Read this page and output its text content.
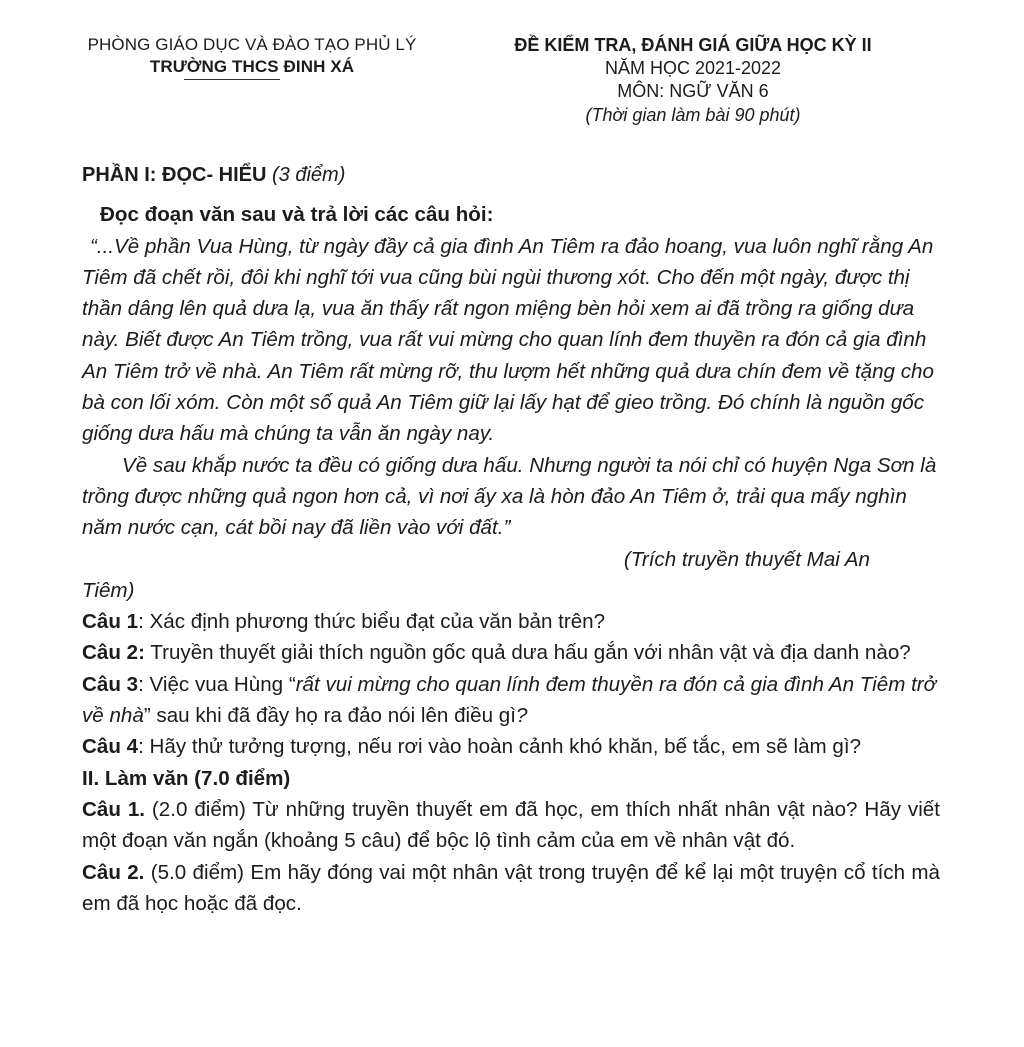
PHÒNG GIÁO DỤC VÀ ĐÀO TẠO PHỦ LÝ
TRƯỜNG THCS ĐINH XÁ
ĐỀ KIỂM TRA, ĐÁNH GIÁ GIỮA HỌC KỲ II
NĂM HỌC 2021-2022
MÔN: NGỮ VĂN 6
(Thời gian làm bài 90 phút)

PHẦN I: ĐỌC- HIỂU (3 điểm)

Đọc đoạn văn sau và trả lời các câu hỏi:

“...Về phần Vua Hùng, từ ngày đầy cả gia đình An Tiêm ra đảo hoang, vua luôn nghĩ rằng An Tiêm đã chết rồi, đôi khi nghĩ tới vua cũng bùi ngùi thương xót. Cho đến một ngày, được thị thần dâng lên quả dưa lạ, vua ăn thấy rất ngon miệng bèn hỏi xem ai đã trồng ra giống dưa này. Biết được An Tiêm trồng, vua rất vui mừng cho quan lính đem thuyền ra đón cả gia đình An Tiêm trở về nhà. An Tiêm rất mừng rỡ, thu lượm hết những quả dưa chín đem về tặng cho bà con lối xóm. Còn một số quả An Tiêm giữ lại lấy hạt để gieo trồng. Đó chính là nguồn gốc giống dưa hấu mà chúng ta vẫn ăn ngày nay.

Về sau khắp nước ta đều có giống dưa hấu. Nhưng người ta nói chỉ có huyện Nga Sơn là trồng được những quả ngon hơn cả, vì nơi ấy xa là hòn đảo An Tiêm ở, trải qua mấy nghìn năm nước cạn, cát bồi nay đã liền vào với đất.”

(Trích truyền thuyết Mai An

Tiêm)

Câu 1: Xác định phương thức biểu đạt của văn bản trên?

Câu 2: Truyền thuyết giải thích nguồn gốc quả dưa hấu gắn với nhân vật và địa danh nào?

Câu 3: Việc vua Hùng “rất vui mừng cho quan lính đem thuyền ra đón cả gia đình An Tiêm trở về nhà” sau khi đã đầy họ ra đảo nói lên điều gì?

Câu 4: Hãy thử tưởng tượng, nếu rơi vào hoàn cảnh khó khăn, bế tắc, em sẽ làm gì?

II. Làm văn (7.0 điểm)

Câu 1. (2.0 điểm) Từ những truyền thuyết em đã học, em thích nhất nhân vật nào? Hãy viết một đoạn văn ngắn (khoảng 5 câu) để bộc lộ tình cảm của em về nhân vật đó.

Câu 2. (5.0 điểm) Em hãy đóng vai một nhân vật trong truyện để kể lại một truyện cổ tích mà em đã học hoặc đã đọc.
